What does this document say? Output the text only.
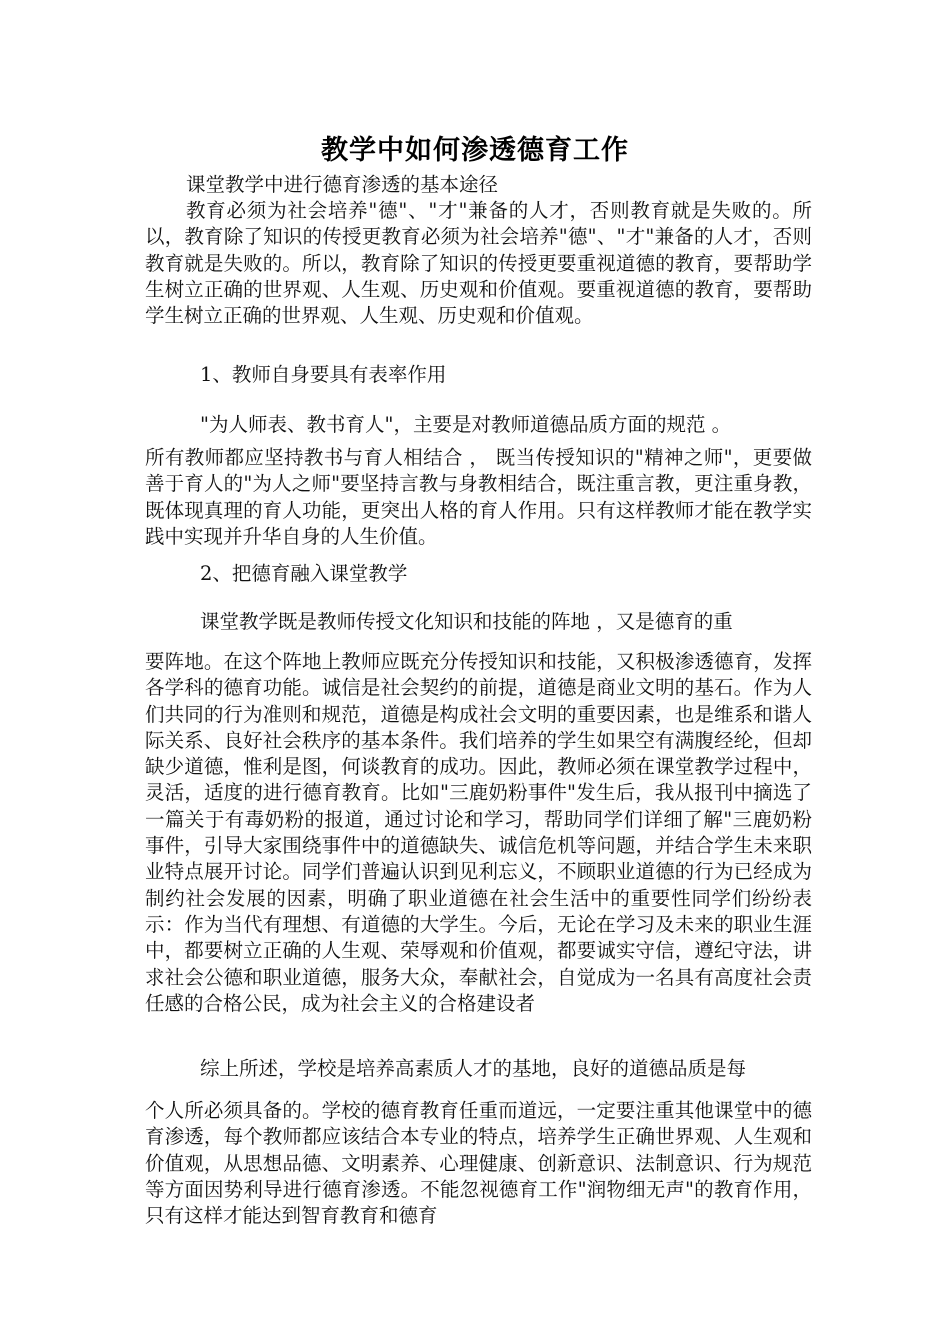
教学中如何渗透德育工作
课堂教学中进行德育渗透的基本途径
教育必须为社会培养"德"、"才"兼备的人才，否则教育就是失败的。所以，教育除了知识的传授更教育必须为社会培养"德"、"才"兼备的人才，否则教育就是失败的。所以，教育除了知识的传授更要重视道德的教育，要帮助学生树立正确的世界观、人生观、历史观和价值观。要重视道德的教育，要帮助学生树立正确的世界观、人生观、历史观和价值观。
1、教师自身要具有表率作用
"为人师表、教书育人"，主要是对教师道德品质方面的规范 。
所有教师都应坚持教书与育人相结合 ， 既当传授知识的"精神之师"，更要做善于育人的"为人之师"要坚持言教与身教相结合，既注重言教，更注重身教，既体现真理的育人功能，更突出人格的育人作用。只有这样教师才能在教学实践中实现并升华自身的人生价值。
2、把德育融入课堂教学
课堂教学既是教师传授文化知识和技能的阵地 ，又是德育的重
要阵地。在这个阵地上教师应既充分传授知识和技能，又积极渗透德育，发挥各学科的德育功能。诚信是社会契约的前提，道德是商业文明的基石。作为人们共同的行为准则和规范，道德是构成社会文明的重要因素，也是维系和谐人际关系、良好社会秩序的基本条件。我们培养的学生如果空有满腹经纶，但却缺少道德，惟利是图，何谈教育的成功。因此，教师必须在课堂教学过程中，灵活，适度的进行德育教育。比如"三鹿奶粉事件"发生后，我从报刊中摘选了一篇关于有毒奶粉的报道，通过讨论和学习，帮助同学们详细了解"三鹿奶粉事件，引导大家围绕事件中的道德缺失、诚信危机等问题，并结合学生未来职业特点展开讨论。同学们普遍认识到见利忘义，不顾职业道德的行为已经成为制约社会发展的因素，明确了职业道德在社会生活中的重要性同学们纷纷表示：作为当代有理想、有道德的大学生。今后，无论在学习及未来的职业生涯中，都要树立正确的人生观、荣辱观和价值观，都要诚实守信，遵纪守法，讲求社会公德和职业道德，服务大众，奉献社会，自觉成为一名具有高度社会责任感的合格公民，成为社会主义的合格建设者
综上所述，学校是培养高素质人才的基地，良好的道德品质是每
个人所必须具备的。学校的德育教育任重而道远，一定要注重其他课堂中的德育渗透，每个教师都应该结合本专业的特点，培养学生正确世界观、人生观和价值观，从思想品德、文明素养、心理健康、创新意识、法制意识、行为规范等方面因势利导进行德育渗透。不能忽视德育工作"润物细无声"的教育作用，只有这样才能达到智育教育和德育
